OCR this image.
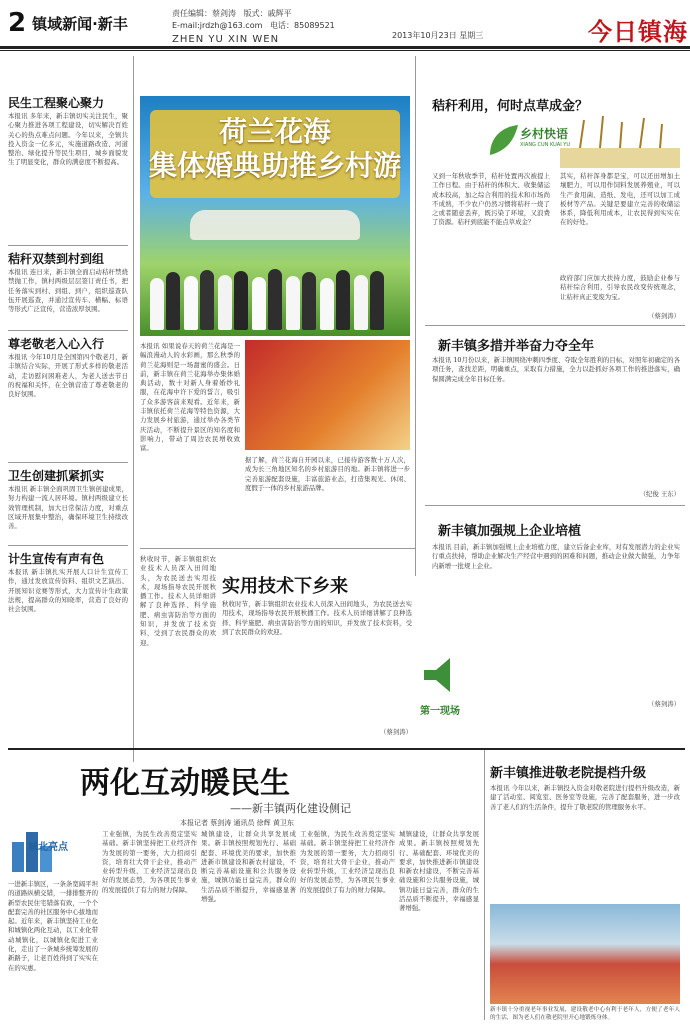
2 镇域新闻·新丰
责任编辑：蔡剑涛 版式：戚辉平
E-mail:jrdzh@163.com 电话：85089521
ZHEN YU XIN WEN	2013年10月23日 星期三	今日镇海
民生工程聚心聚力
本报讯 多年来，新丰镇切实关注民生，聚心聚力推进各项工程建设，切实解决百姓关心的热点难点问题。今年以来，全镇共投入资金一亿多元，实施道路改造、河道整治、绿化提升等民生项目，城乡面貌发生了明显变化，群众的满意度不断提高。
秸秆双禁到村到组
本报讯 连日来，新丰镇全面启动秸秆禁烧禁抛工作，镇村两级层层签订责任书，把任务落实到村、到组、到户，组织巡查队伍开展巡查，并通过宣传车、横幅、标语等形式广泛宣传，营造浓厚氛围。
尊老敬老入心入行
本报讯 今年10月是全国第四个敬老月，新丰镇结合实际，开展了形式多样的敬老活动，走访慰问困难老人，为老人送去节日的祝福和关怀，在全镇营造了尊老敬老的良好氛围。
卫生创建抓紧抓实
本报讯 新丰镇全面巩固卫生镇创建成果，努力构建一流人居环境。镇村两级建立长效管理机制，加大日常保洁力度，对重点区域开展集中整治，确保环境卫生持续改善。
计生宣传有声有色
本报讯 新丰镇扎实开展人口计生宣传工作，通过发放宣传资料、组织文艺演出、开展知识竞赛等形式，大力宣传计生政策法规，提高群众的知晓率，营造了良好的社会氛围。
荷兰花海
集体婚典助推乡村游
本报讯 如果说春天的荷兰花海是一幅浪漫动人的水彩画，那么秋季的荷兰花海则是一场甜蜜的盛会。日前，新丰镇在荷兰花海举办集体婚典活动，数十对新人身着婚纱礼服，在花海中许下爱的誓言，吸引了众多游客前来观看。近年来，新丰镇依托荷兰花海等特色资源，大力发展乡村旅游，通过举办各类节庆活动，不断提升景区的知名度和影响力，带动了周边农民增收致富。
据了解，荷兰花海自开园以来，已接待游客数十万人次，成为长三角地区知名的乡村旅游目的地。新丰镇将进一步完善旅游配套设施，丰富旅游业态，打造集观光、休闲、度假于一体的乡村旅游品牌。
秸秆利用，何时点草成金？
乡村快语
XIANG CUN KUAI YU
又到一年秋收季节，秸秆处置再次被提上工作日程。由于秸秆的体积大、收集储运成本较高，加之综合利用的技术和市场尚不成熟，不少农户仍然习惯将秸秆一烧了之或者随意丢弃，既污染了环境，又浪费了资源。秸秆到底能不能点草成金？
其实，秸秆浑身都是宝，可以还田增加土壤肥力，可以用作饲料发展养殖业，可以生产食用菌、造纸、发电，还可以加工成板材等产品。关键是要建立完善的收储运体系，降低利用成本，让农民得到实实在在的好处。
政府部门应加大扶持力度，鼓励企业参与秸秆综合利用，引导农民改变传统观念，让秸秆真正变废为宝。
（蔡剑涛）
新丰镇多措并举奋力夺全年
本报讯 10月份以来，新丰镇围绕冲刺四季度、夺取全年胜利的目标，对照年初确定的各项任务，查找差距，明确重点，采取有力措施，全力以赴抓好各项工作的推进落实，确保圆满完成全年目标任务。
（纪俊 王东）
新丰镇加强规上企业培植
本报讯 目前，新丰镇加强规上企业培植力度，建立后备企业库，对有发展潜力的企业实行重点扶持，帮助企业解决生产经营中遇到的困难和问题，推动企业做大做强，力争年内新增一批规上企业。
（蔡剑涛）
实用技术下乡来
秋收时节，新丰镇组织农业技术人员深入田间地头，为农民送去实用技术，现场指导农民开展秋播工作。技术人员详细讲解了良种选择、科学施肥、病虫害防治等方面的知识，并发放了技术资料，受到了农民群众的欢迎。
秋收时节，新丰镇组织农业技术人员深入田间地头，为农民送去实用技术，现场指导农民开展秋播工作。技术人员详细讲解了良种选择、科学施肥、病虫害防治等方面的知识，并发放了技术资料，受到了农民群众的欢迎。
第一现场
（蔡剑涛）
两化互动暖民生
——新丰镇两化建设侧记
本报记者 蔡剑涛 通讯员 徐辉 黄卫东
城北亮点
一进新丰镇区，一条条宽阔平坦的道路纵横交错，一排排整齐的新型农民住宅错落有致，一个个配套完善的社区服务中心拔地而起。近年来，新丰镇坚持工业化和城镇化两化互动，以工业化带动城镇化，以城镇化促进工业化，走出了一条城乡统筹发展的新路子，让老百姓得到了实实在在的实惠。
工业强镇，为民生改善奠定坚实基础。新丰镇坚持把工业经济作为发展的第一要务，大力招商引资，培育壮大骨干企业，推动产业转型升级，工业经济呈现出良好的发展态势，为各项民生事业的发展提供了有力的财力保障。
城镇建设，让群众共享发展成果。新丰镇按照规划先行、基础配套、环境优美的要求，加快推进新市镇建设和新农村建设，不断完善基础设施和公共服务设施，城镇功能日益完善，群众的生活品质不断提升，幸福感显著增强。
工业强镇，为民生改善奠定坚实基础。新丰镇坚持把工业经济作为发展的第一要务，大力招商引资，培育壮大骨干企业，推动产业转型升级，工业经济呈现出良好的发展态势，为各项民生事业的发展提供了有力的财力保障。
城镇建设，让群众共享发展成果。新丰镇按照规划先行、基础配套、环境优美的要求，加快推进新市镇建设和新农村建设，不断完善基础设施和公共服务设施，城镇功能日益完善，群众的生活品质不断提升，幸福感显著增强。
新丰镇推进敬老院提档升级
本报讯 今年以来，新丰镇投入资金对敬老院进行提档升级改造，新建了活动室、阅览室、医务室等设施，完善了配套服务，进一步改善了老人们的生活条件，提升了敬老院的管理服务水平。
新丰镇十分重视老年事业发展，建设敬老中心有利于老年人，方便了老年人的生活，图为老人们在敬老院里开心地锻炼身体。
